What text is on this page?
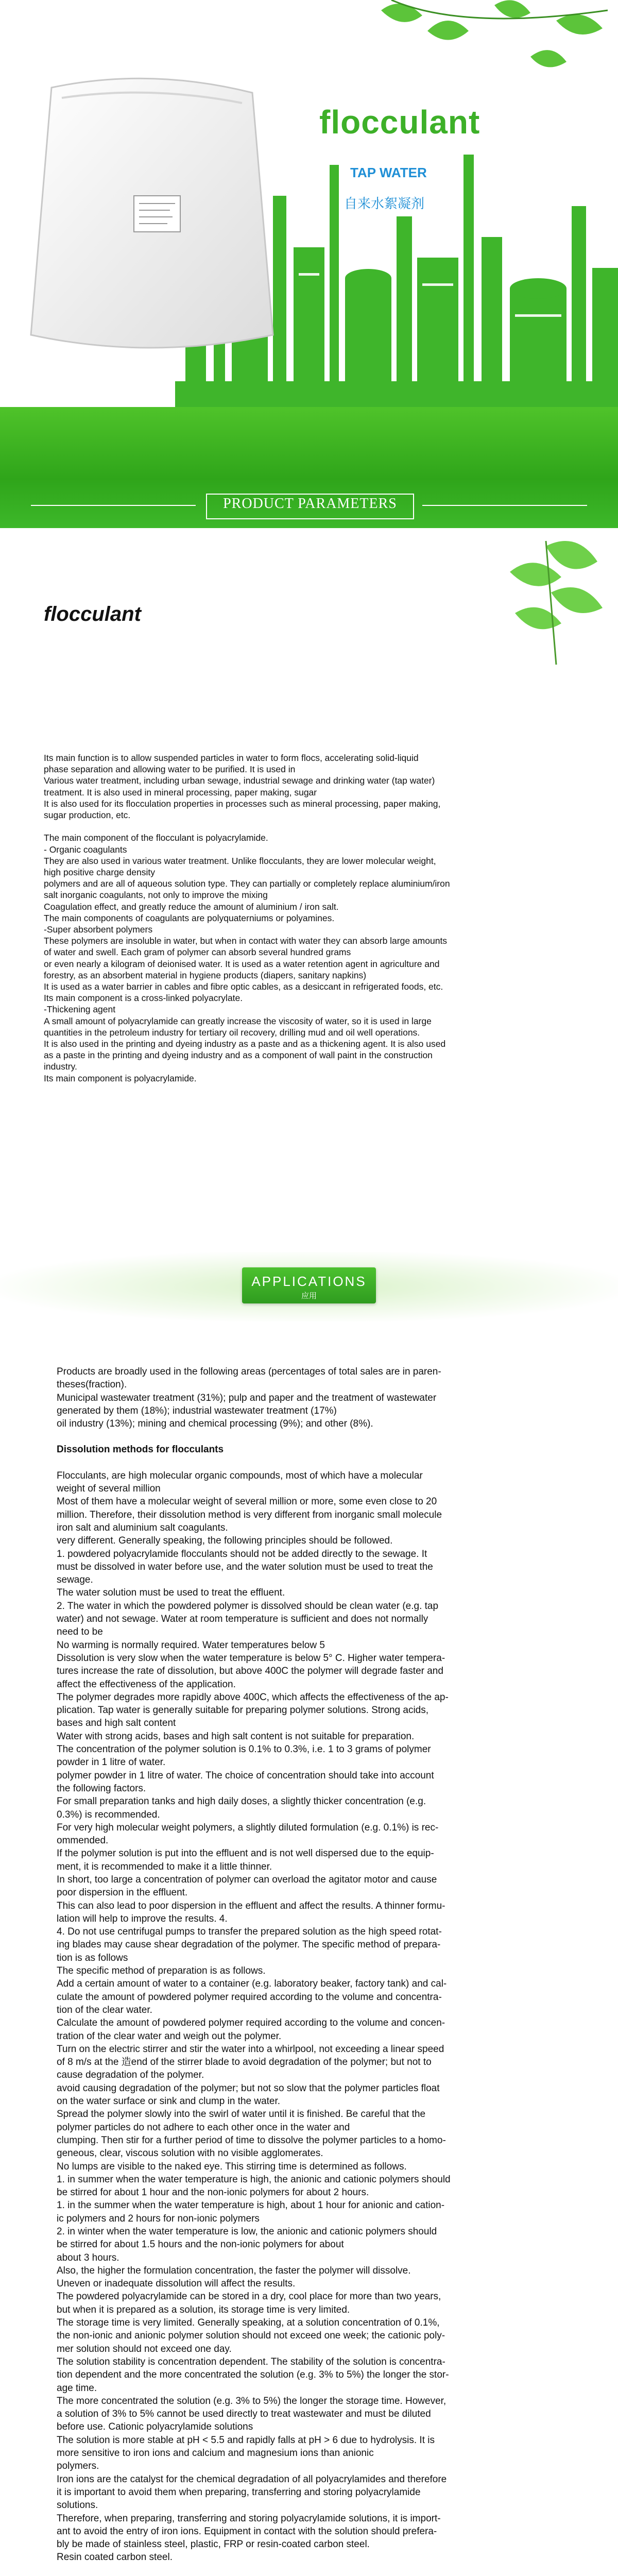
flocculant
TAP WATER
自来水絮凝剂
PRODUCT PARAMETERS
产品介绍
flocculant

Its main function is to allow suspended particles in water to form flocs, accelerating solid-liquid

phase separation and allowing water to be purified. It is used in

Various water treatment, including urban sewage, industrial sewage and drinking water (tap water)

treatment. It is also used in mineral processing, paper making, sugar

It is also used for its flocculation properties in processes such as mineral processing, paper making,

sugar production, etc.

The main component of the flocculant is polyacrylamide.

- Organic coagulants

They are also used in various water treatment. Unlike flocculants, they are lower molecular weight,

high positive charge density

polymers and are all of aqueous solution type. They can partially or completely replace aluminium/iron

salt inorganic coagulants, not only to improve the mixing

Coagulation effect, and greatly reduce the amount of aluminium / iron salt.

The main components of coagulants are polyquaterniums or polyamines.

-Super absorbent polymers

These polymers are insoluble in water, but when in contact with water they can absorb large amounts

of water and swell. Each gram of polymer can absorb several hundred grams

or even nearly a kilogram of deionised water. It is used as a water retention agent in agriculture and

forestry, as an absorbent material in hygiene products (diapers, sanitary napkins)

It is used as a water barrier in cables and fibre optic cables, as a desiccant in refrigerated foods, etc.

Its main component is a cross-linked polyacrylate.

-Thickening agent

A small amount of polyacrylamide can greatly increase the viscosity of water, so it is used in large

quantities in the petroleum industry for tertiary oil recovery, drilling mud and oil well operations.

It is also used in the printing and dyeing industry as a paste and as a thickening agent. It is also used

as a paste in the printing and dyeing industry and as a component of wall paint in the construction

industry.

Its main component is polyacrylamide.

APPLICATIONS
应用

Products are broadly used in the following areas (percentages of total sales are in paren-

theses(fraction).

Municipal wastewater treatment (31%); pulp and paper and the treatment of wastewater

generated by them (18%); industrial wastewater treatment (17%)

oil industry (13%); mining and chemical processing (9%); and other (8%).

Dissolution methods for flocculants

Flocculants, are high molecular organic compounds, most of which have a molecular

weight of several million

Most of them have a molecular weight of several million or more, some even close to 20

million. Therefore, their dissolution method is very different from inorganic small molecule

iron salt and aluminium salt coagulants.

very different. Generally speaking, the following principles should be followed.

1. powdered polyacrylamide flocculants should not be added directly to the sewage. It

must be dissolved in water before use, and the water solution must be used to treat the

sewage.

The water solution must be used to treat the effluent.

2. The water in which the powdered polymer is dissolved should be clean water (e.g. tap

water) and not sewage. Water at room temperature is sufficient and does not normally

need to be

No warming is normally required. Water temperatures below 5

Dissolution is very slow when the water temperature is below 5° C. Higher water tempera-

tures increase the rate of dissolution, but above 400C the polymer will degrade faster and

affect the effectiveness of the application.

The polymer degrades more rapidly above 400C, which affects the effectiveness of the ap-

plication. Tap water is generally suitable for preparing polymer solutions. Strong acids,

bases and high salt content

Water with strong acids, bases and high salt content is not suitable for preparation.

The concentration of the polymer solution is 0.1% to 0.3%, i.e. 1 to 3 grams of polymer

powder in 1 litre of water.

polymer powder in 1 litre of water. The choice of concentration should take into account

the following factors.

For small preparation tanks and high daily doses, a slightly thicker concentration (e.g.

0.3%) is recommended.

For very high molecular weight polymers, a slightly diluted formulation (e.g. 0.1%) is rec-

ommended.

If the polymer solution is put into the effluent and is not well dispersed due to the equip-

ment, it is recommended to make it a little thinner.

In short, too large a concentration of polymer can overload the agitator motor and cause

poor dispersion in the effluent.

This can also lead to poor dispersion in the effluent and affect the results. A thinner formu-

lation will help to improve the results. 4.

4. Do not use centrifugal pumps to transfer the prepared solution as the high speed rotat-

ing blades may cause shear degradation of the polymer. The specific method of prepara-

tion is as follows

The specific method of preparation is as follows.

Add a certain amount of water to a container (e.g. laboratory beaker, factory tank) and cal-

culate the amount of powdered polymer required according to the volume and concentra-

tion of the clear water.

Calculate the amount of powdered polymer required according to the volume and concen-

tration of the clear water and weigh out the polymer.

Turn on the electric stirrer and stir the water into a whirlpool, not exceeding a linear speed

of 8 m/s at the 造end of the stirrer blade to avoid degradation of the polymer; but not to

cause degradation of the polymer.

avoid causing degradation of the polymer; but not so slow that the polymer particles float

on the water surface or sink and clump in the water.

Spread the polymer slowly into the swirl of water until it is finished. Be careful that the

polymer particles do not adhere to each other once in the water and

clumping. Then stir for a further period of time to dissolve the polymer particles to a homo-

geneous, clear, viscous solution with no visible agglomerates.

No lumps are visible to the naked eye. This stirring time is determined as follows.

1. in summer when the water temperature is high, the anionic and cationic polymers should

be stirred for about 1 hour and the non-ionic polymers for about 2 hours.

1. in the summer when the water temperature is high, about 1 hour for anionic and cation-

ic polymers and 2 hours for non-ionic polymers

2. in winter when the water temperature is low, the anionic and cationic polymers should

be stirred for about 1.5 hours and the non-ionic polymers for about

about 3 hours.

Also, the higher the formulation concentration, the faster the polymer will dissolve.

Uneven or inadequate dissolution will affect the results.

The powdered polyacrylamide can be stored in a dry, cool place for more than two years,

but when it is prepared as a solution, its storage time is very limited.

The storage time is very limited. Generally speaking, at a solution concentration of 0.1%,

the non-ionic and anionic polymer solution should not exceed one week; the cationic poly-

mer solution should not exceed one day.

The solution stability is concentration dependent. The stability of the solution is concentra-

tion dependent and the more concentrated the solution (e.g. 3% to 5%) the longer the stor-

age time.

The more concentrated the solution (e.g. 3% to 5%) the longer the storage time. However,

a solution of 3% to 5% cannot be used directly to treat wastewater and must be diluted

before use. Cationic polyacrylamide solutions

The solution is more stable at pH < 5.5 and rapidly falls at pH > 6 due to hydrolysis. It is

more sensitive to iron ions and calcium and magnesium ions than anionic

polymers.

Iron ions are the catalyst for the chemical degradation of all polyacrylamides and therefore

it is important to avoid them when preparing, transferring and storing polyacrylamide

solutions.

Therefore, when preparing, transferring and storing polyacrylamide solutions, it is import-

ant to avoid the entry of iron ions. Equipment in contact with the solution should prefera-

bly be made of stainless steel, plastic, FRP or resin-coated carbon steel.

Resin coated carbon steel.
